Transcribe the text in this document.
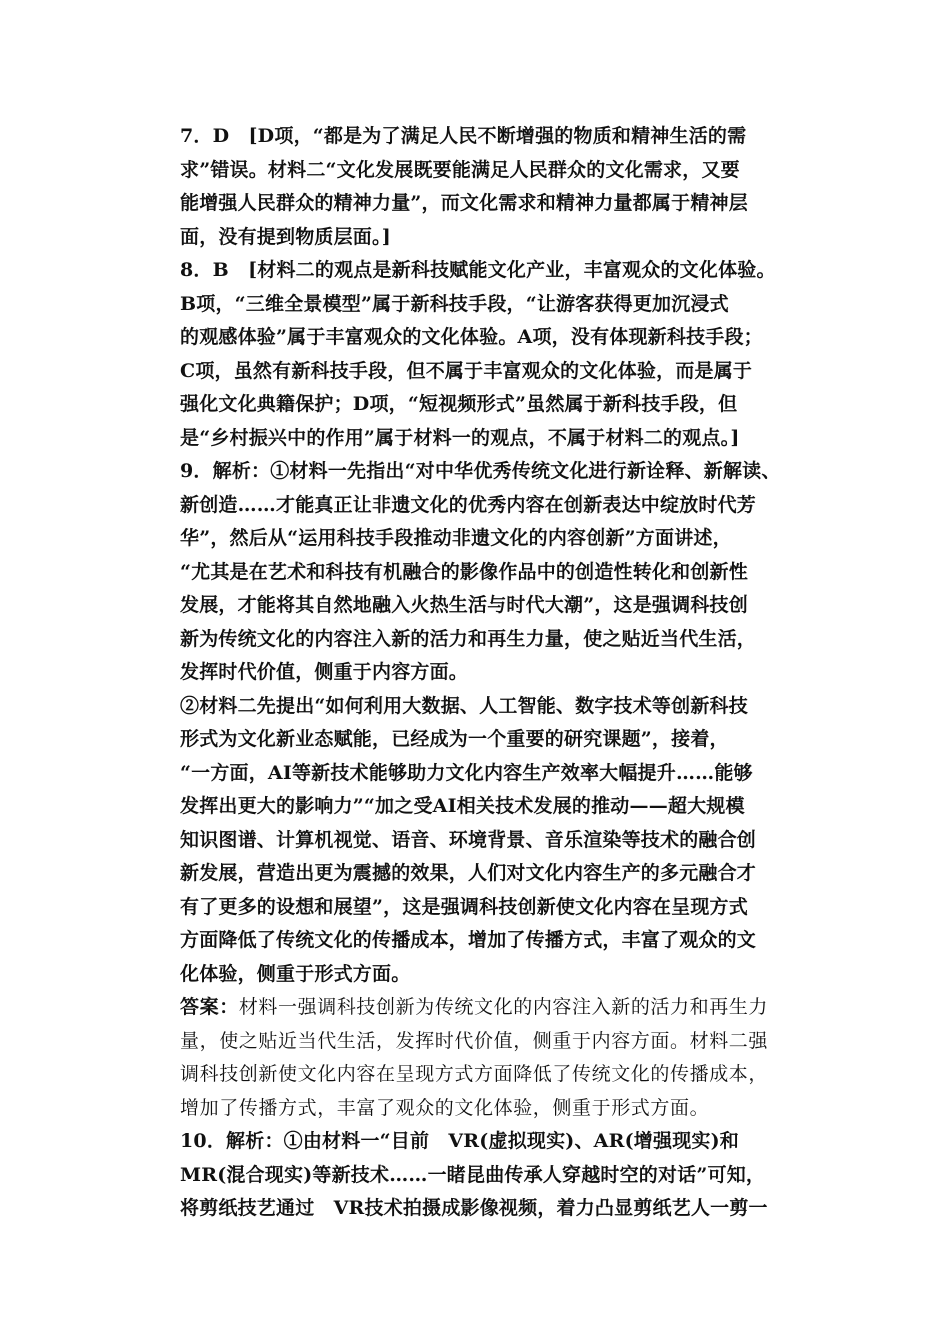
7．D　[D项，“都是为了满足人民不断增强的物质和精神生活的需
求”错误。材料二“文化发展既要能满足人民群众的文化需求，又要
能增强人民群众的精神力量”，而文化需求和精神力量都属于精神层
面，没有提到物质层面。]
8．B　[材料二的观点是新科技赋能文化产业，丰富观众的文化体验。
B项，“三维全景模型”属于新科技手段，“让游客获得更加沉浸式
的观感体验”属于丰富观众的文化体验。A项，没有体现新科技手段；
C项，虽然有新科技手段，但不属于丰富观众的文化体验，而是属于
强化文化典籍保护；D项，“短视频形式”虽然属于新科技手段，但
是“乡村振兴中的作用”属于材料一的观点，不属于材料二的观点。]
9．解析：①材料一先指出“对中华优秀传统文化进行新诠释、新解读、
新创造……才能真正让非遗文化的优秀内容在创新表达中绽放时代芳
华”，然后从“运用科技手段推动非遗文化的内容创新”方面讲述，
“尤其是在艺术和科技有机融合的影像作品中的创造性转化和创新性
发展，才能将其自然地融入火热生活与时代大潮”，这是强调科技创
新为传统文化的内容注入新的活力和再生力量，使之贴近当代生活，
发挥时代价值，侧重于内容方面。
②材料二先提出“如何利用大数据、人工智能、数字技术等创新科技
形式为文化新业态赋能，已经成为一个重要的研究课题”，接着，
“一方面，AI等新技术能够助力文化内容生产效率大幅提升……能够
发挥出更大的影响力”“加之受AI相关技术发展的推动——超大规模
知识图谱、计算机视觉、语音、环境背景、音乐渲染等技术的融合创
新发展，营造出更为震撼的效果，人们对文化内容生产的多元融合才
有了更多的设想和展望”，这是强调科技创新使文化内容在呈现方式
方面降低了传统文化的传播成本，增加了传播方式，丰富了观众的文
化体验，侧重于形式方面。
答案：材料一强调科技创新为传统文化的内容注入新的活力和再生力
量，使之贴近当代生活，发挥时代价值，侧重于内容方面。材料二强
调科技创新使文化内容在呈现方式方面降低了传统文化的传播成本，
增加了传播方式，丰富了观众的文化体验，侧重于形式方面。
10．解析：①由材料一“目前　VR(虚拟现实)、AR(增强现实)和
MR(混合现实)等新技术……一睹昆曲传承人穿越时空的对话”可知，
将剪纸技艺通过　VR技术拍摄成影像视频，着力凸显剪纸艺人一剪一
